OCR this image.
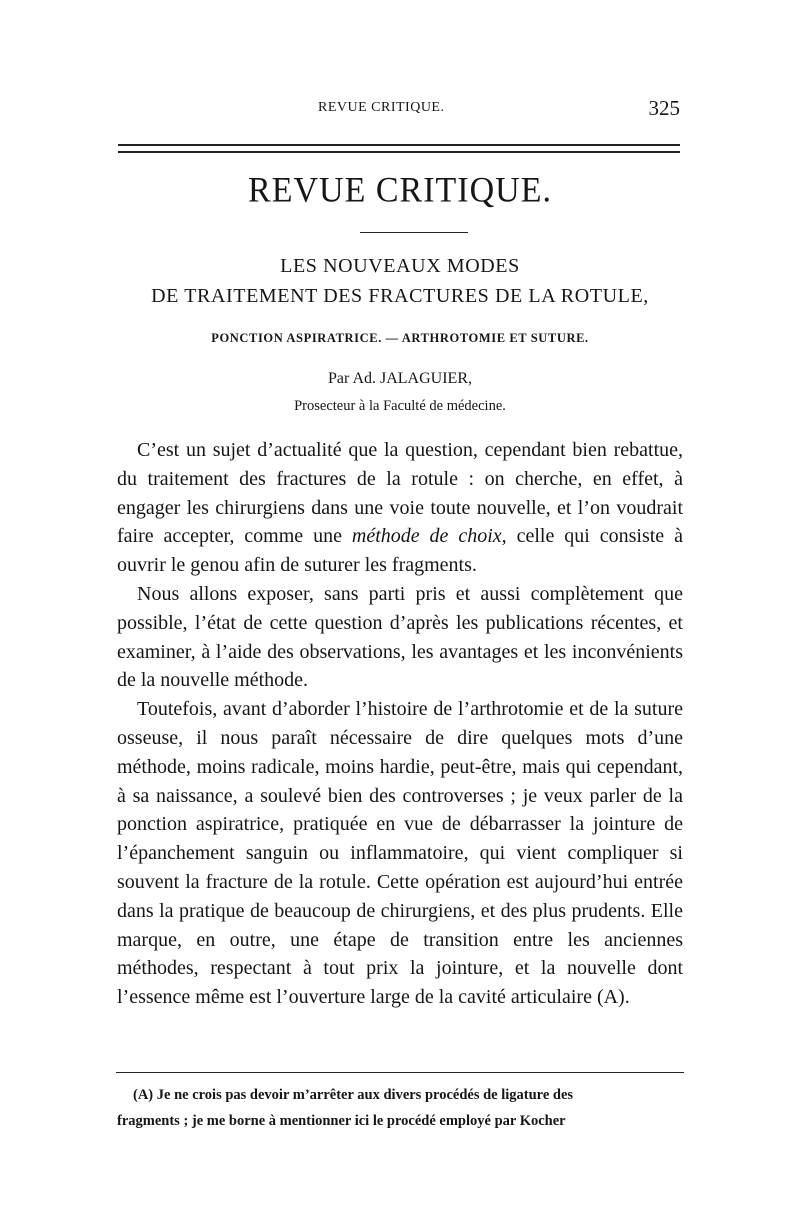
REVUE CRITIQUE.	325
REVUE CRITIQUE.
LES NOUVEAUX MODES
DE TRAITEMENT DES FRACTURES DE LA ROTULE,
PONCTION ASPIRATRICE. — ARTHROTOMIE ET SUTURE.
Par Ad. JALAGUIER,
Prosecteur à la Faculté de médecine.

C’est un sujet d’actualité que la question, cependant bien rebattue, du traitement des fractures de la rotule : on cherche, en effet, à engager les chirurgiens dans une voie toute nouvelle, et l’on voudrait faire accepter, comme une méthode de choix, celle qui consiste à ouvrir le genou afin de suturer les fragments.

Nous allons exposer, sans parti pris et aussi complètement que possible, l’état de cette question d’après les publications récentes, et examiner, à l’aide des observations, les avantages et les inconvénients de la nouvelle méthode.

Toutefois, avant d’aborder l’histoire de l’arthrotomie et de la suture osseuse, il nous paraît nécessaire de dire quelques mots d’une méthode, moins radicale, moins hardie, peut-être, mais qui cependant, à sa naissance, a soulevé bien des controverses ; je veux parler de la ponction aspiratrice, pratiquée en vue de débarrasser la jointure de l’épanchement sanguin ou inflammatoire, qui vient compliquer si souvent la fracture de la rotule. Cette opération est aujourd’hui entrée dans la pratique de beaucoup de chirurgiens, et des plus prudents. Elle marque, en outre, une étape de transition entre les anciennes méthodes, respectant à tout prix la jointure, et la nouvelle dont l’essence même est l’ouverture large de la cavité articulaire (A).

(A) Je ne crois pas devoir m’arrêter aux divers procédés de ligature des
fragments ; je me borne à mentionner ici le procédé employé par Kocher
